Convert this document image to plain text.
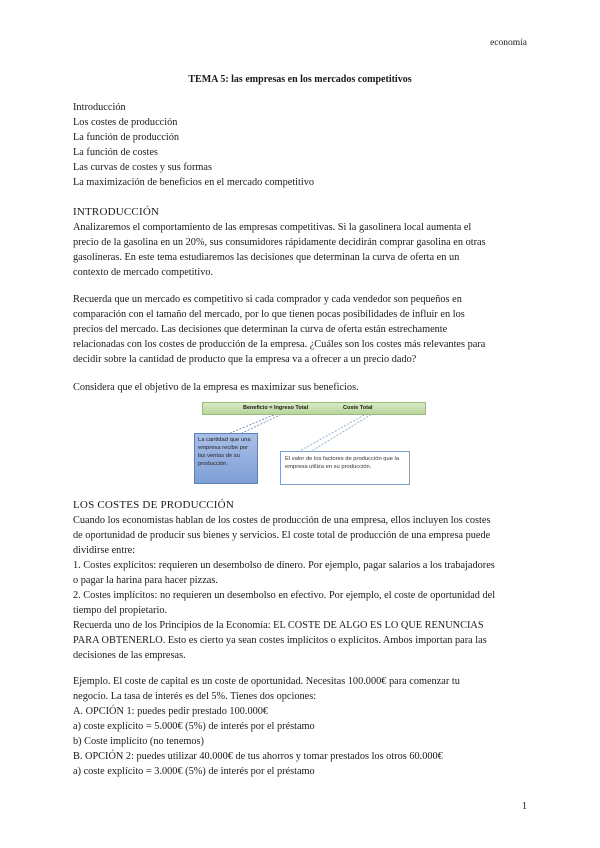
economía
TEMA 5: las empresas en los mercados competitivos
Introducción
Los costes de producción
La función de producción
La función de costes
Las curvas de costes y sus formas
La maximización de beneficios en el mercado competitivo
INTRODUCCIÓN
Analizaremos el comportamiento de las empresas competitivas. Si la gasolinera local aumenta el
precio de la gasolina en un 20%, sus consumidores rápidamente decidirán comprar gasolina en otras
gasolineras. En este tema estudiaremos las decisiones que determinan la curva de oferta en un
contexto de mercado competitivo.
Recuerda que un mercado es competitivo si cada comprador y cada vendedor son pequeños en
comparación con el tamaño del mercado, por lo que tienen pocas posibilidades de influir en los
precios del mercado. Las decisiones que determinan la curva de oferta están estrechamente
relacionadas con los costes de producción de la empresa. ¿Cuáles son los costes más relevantes para
decidir sobre la cantidad de producto que la empresa va a ofrecer a un precio dado?
Considera que el objetivo de la empresa es maximizar sus beneficios.
Beneficio = Ingreso Total	Coste Total
La cantidad que una empresa recibe por las ventas de su producción.
El valor de los factores de producción que la empresa utiliza en su producción.
LOS COSTES DE PRODUCCIÓN
Cuando los economistas hablan de los costes de producción de una empresa, ellos incluyen los costes
de oportunidad de producir sus bienes y servicios. El coste total de producción de una empresa puede
dividirse entre:
1. Costes explícitos: requieren un desembolso de dinero. Por ejemplo, pagar salarios a los trabajadores
o pagar la harina para hacer pizzas.
2. Costes implícitos: no requieren un desembolso en efectivo. Por ejemplo, el coste de oportunidad del
tiempo del propietario.
Recuerda uno de los Principios de la Economía: EL COSTE DE ALGO ES LO QUE RENUNCIAS
PARA OBTENERLO. Esto es cierto ya sean costes implícitos o explícitos. Ambos importan para las
decisiones de las empresas.
Ejemplo. El coste de capital es un coste de oportunidad. Necesitas 100.000€ para comenzar tu
negocio. La tasa de interés es del 5%. Tienes dos opciones:
A. OPCIÓN 1: puedes pedir prestado 100.000€
a) coste explícito = 5.000€ (5%) de interés por el préstamo
b) Coste implícito (no tenemos)
B. OPCIÓN 2: puedes utilizar 40.000€ de tus ahorros y tomar prestados los otros 60.000€
a) coste explícito = 3.000€ (5%) de interés por el préstamo
1
